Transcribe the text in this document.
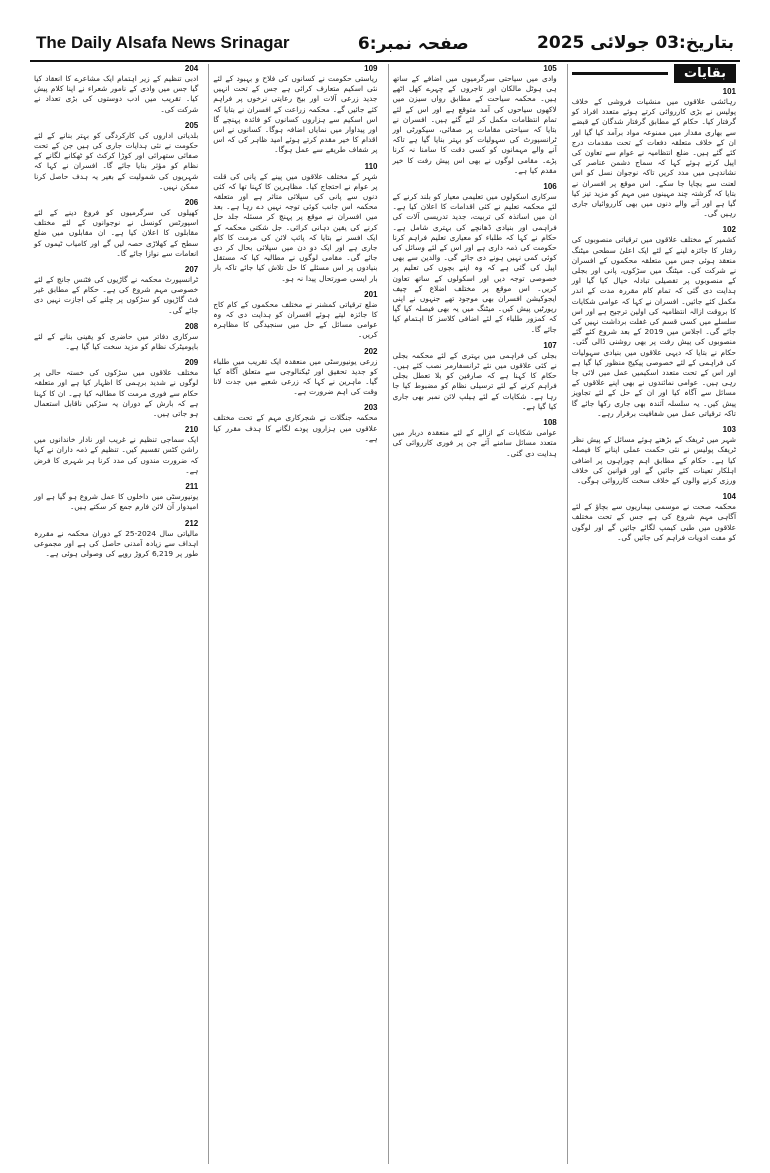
The Daily Alsafa News Srinagar	صفحہ نمبر:6	بتاریخ:03 جولائی 2025
بقایات
101
رہائشی علاقوں میں منشیات فروشی کے خلاف پولیس نے بڑی کارروائی کرتے ہوئے متعدد افراد کو گرفتار کیا۔ حکام کے مطابق گرفتار شدگان کے قبضے سے بھاری مقدار میں ممنوعہ مواد برآمد کیا گیا اور ان کے خلاف متعلقہ دفعات کے تحت مقدمات درج کئے گئے ہیں۔ ضلع انتظامیہ نے عوام سے تعاون کی اپیل کرتے ہوئے کہا کہ سماج دشمن عناصر کی نشاندہی میں مدد کریں تاکہ نوجوان نسل کو اس لعنت سے بچایا جا سکے۔ اس موقع پر افسران نے بتایا کہ گزشتہ چند مہینوں میں مہم کو مزید تیز کیا گیا ہے اور آنے والے دنوں میں بھی کارروائیاں جاری رہیں گی۔
102
کشمیر کے مختلف علاقوں میں ترقیاتی منصوبوں کی رفتار کا جائزہ لینے کے لئے ایک اعلیٰ سطحی میٹنگ منعقد ہوئی جس میں متعلقہ محکموں کے افسران نے شرکت کی۔ میٹنگ میں سڑکوں، پانی اور بجلی کے منصوبوں پر تفصیلی تبادلہ خیال کیا گیا اور ہدایت دی گئی کہ تمام کام مقررہ مدت کے اندر مکمل کئے جائیں۔ افسران نے کہا کہ عوامی شکایات کا بروقت ازالہ انتظامیہ کی اولین ترجیح ہے اور اس سلسلے میں کسی قسم کی غفلت برداشت نہیں کی جائے گی۔ اجلاس میں 2019 کے بعد شروع کئے گئے منصوبوں کی پیش رفت پر بھی روشنی ڈالی گئی۔ حکام نے بتایا کہ دیہی علاقوں میں بنیادی سہولیات کی فراہمی کے لئے خصوصی پیکیج منظور کیا گیا ہے اور اس کے تحت متعدد اسکیمیں عمل میں لائی جا رہی ہیں۔ عوامی نمائندوں نے بھی اپنے علاقوں کے مسائل سے آگاہ کیا اور ان کے حل کے لئے تجاویز پیش کیں۔ یہ سلسلہ آئندہ بھی جاری رکھا جائے گا تاکہ ترقیاتی عمل میں شفافیت برقرار رہے۔
103
شہر میں ٹریفک کے بڑھتے ہوئے مسائل کے پیش نظر ٹریفک پولیس نے نئی حکمت عملی اپنانے کا فیصلہ کیا ہے۔ حکام کے مطابق اہم چوراہوں پر اضافی اہلکار تعینات کئے جائیں گے اور قوانین کی خلاف ورزی کرنے والوں کے خلاف سخت کارروائی ہوگی۔
104
محکمہ صحت نے موسمی بیماریوں سے بچاؤ کے لئے آگاہی مہم شروع کی ہے جس کے تحت مختلف علاقوں میں طبی کیمپ لگائے جائیں گے اور لوگوں کو مفت ادویات فراہم کی جائیں گی۔
105
وادی میں سیاحتی سرگرمیوں میں اضافے کے ساتھ ہی ہوٹل مالکان اور تاجروں کے چہرے کھل اٹھے ہیں۔ محکمہ سیاحت کے مطابق رواں سیزن میں لاکھوں سیاحوں کی آمد متوقع ہے اور اس کے لئے تمام انتظامات مکمل کر لئے گئے ہیں۔ افسران نے بتایا کہ سیاحتی مقامات پر صفائی، سیکورٹی اور ٹرانسپورٹ کی سہولیات کو بہتر بنایا گیا ہے تاکہ آنے والے مہمانوں کو کسی دقت کا سامنا نہ کرنا پڑے۔ مقامی لوگوں نے بھی اس پیش رفت کا خیر مقدم کیا ہے۔
106
سرکاری اسکولوں میں تعلیمی معیار کو بلند کرنے کے لئے محکمہ تعلیم نے کئی اقدامات کا اعلان کیا ہے۔ ان میں اساتذہ کی تربیت، جدید تدریسی آلات کی فراہمی اور بنیادی ڈھانچے کی بہتری شامل ہے۔ حکام نے کہا کہ طلباء کو معیاری تعلیم فراہم کرنا حکومت کی ذمہ داری ہے اور اس کے لئے وسائل کی کوئی کمی نہیں ہونے دی جائے گی۔ والدین سے بھی اپیل کی گئی ہے کہ وہ اپنے بچوں کی تعلیم پر خصوصی توجہ دیں اور اسکولوں کے ساتھ تعاون کریں۔ اس موقع پر مختلف اضلاع کے چیف ایجوکیشن افسران بھی موجود تھے جنہوں نے اپنی رپورٹیں پیش کیں۔ میٹنگ میں یہ بھی فیصلہ کیا گیا کہ کمزور طلباء کے لئے اضافی کلاسز کا اہتمام کیا جائے گا۔
107
بجلی کی فراہمی میں بہتری کے لئے محکمہ بجلی نے کئی علاقوں میں نئے ٹرانسفارمر نصب کئے ہیں۔ حکام کا کہنا ہے کہ صارفین کو بلا تعطل بجلی فراہم کرنے کے لئے ترسیلی نظام کو مضبوط کیا جا رہا ہے۔ شکایات کے لئے ہیلپ لائن نمبر بھی جاری کیا گیا ہے۔
108
عوامی شکایات کے ازالے کے لئے منعقدہ دربار میں متعدد مسائل سامنے آئے جن پر فوری کارروائی کی ہدایت دی گئی۔
109
ریاستی حکومت نے کسانوں کی فلاح و بہبود کے لئے نئی اسکیم متعارف کرائی ہے جس کے تحت انہیں جدید زرعی آلات اور بیج رعایتی نرخوں پر فراہم کئے جائیں گے۔ محکمہ زراعت کے افسران نے بتایا کہ اس اسکیم سے ہزاروں کسانوں کو فائدہ پہنچے گا اور پیداوار میں نمایاں اضافہ ہوگا۔ کسانوں نے اس اقدام کا خیر مقدم کرتے ہوئے امید ظاہر کی کہ اس پر شفاف طریقے سے عمل ہوگا۔
110
شہر کے مختلف علاقوں میں پینے کے پانی کی قلت پر عوام نے احتجاج کیا۔ مظاہرین کا کہنا تھا کہ کئی دنوں سے پانی کی سپلائی متاثر ہے اور متعلقہ محکمہ اس جانب کوئی توجہ نہیں دے رہا ہے۔ بعد میں افسران نے موقع پر پہنچ کر مسئلہ جلد حل کرنے کی یقین دہانی کرائی۔ جل شکتی محکمہ کے ایک افسر نے بتایا کہ پائپ لائن کی مرمت کا کام جاری ہے اور ایک دو دن میں سپلائی بحال کر دی جائے گی۔ مقامی لوگوں نے مطالبہ کیا کہ مستقل بنیادوں پر اس مسئلے کا حل تلاش کیا جائے تاکہ بار بار ایسی صورتحال پیدا نہ ہو۔
201
ضلع ترقیاتی کمشنر نے مختلف محکموں کے کام کاج کا جائزہ لیتے ہوئے افسران کو ہدایت دی کہ وہ عوامی مسائل کے حل میں سنجیدگی کا مظاہرہ کریں۔
202
زرعی یونیورسٹی میں منعقدہ ایک تقریب میں طلباء کو جدید تحقیق اور ٹیکنالوجی سے متعلق آگاہ کیا گیا۔ ماہرین نے کہا کہ زرعی شعبے میں جدت لانا وقت کی اہم ضرورت ہے۔
203
محکمہ جنگلات نے شجرکاری مہم کے تحت مختلف علاقوں میں ہزاروں پودے لگانے کا ہدف مقرر کیا ہے۔
204
ادبی تنظیم کے زیر اہتمام ایک مشاعرے کا انعقاد کیا گیا جس میں وادی کے نامور شعراء نے اپنا کلام پیش کیا۔ تقریب میں ادب دوستوں کی بڑی تعداد نے شرکت کی۔
205
بلدیاتی اداروں کی کارکردگی کو بہتر بنانے کے لئے حکومت نے نئی ہدایات جاری کی ہیں جن کے تحت صفائی ستھرائی اور کوڑا کرکٹ کو ٹھکانے لگانے کے نظام کو مؤثر بنایا جائے گا۔ افسران نے کہا کہ شہریوں کی شمولیت کے بغیر یہ ہدف حاصل کرنا ممکن نہیں۔
206
کھیلوں کی سرگرمیوں کو فروغ دینے کے لئے اسپورٹس کونسل نے نوجوانوں کے لئے مختلف مقابلوں کا اعلان کیا ہے۔ ان مقابلوں میں ضلع سطح کے کھلاڑی حصہ لیں گے اور کامیاب ٹیموں کو انعامات سے نوازا جائے گا۔
207
ٹرانسپورٹ محکمہ نے گاڑیوں کی فٹنس جانچ کے لئے خصوصی مہم شروع کی ہے۔ حکام کے مطابق غیر فٹ گاڑیوں کو سڑکوں پر چلنے کی اجازت نہیں دی جائے گی۔
208
سرکاری دفاتر میں حاضری کو یقینی بنانے کے لئے بایومیٹرک نظام کو مزید سخت کیا گیا ہے۔
209
مختلف علاقوں میں سڑکوں کی خستہ حالی پر لوگوں نے شدید برہمی کا اظہار کیا ہے اور متعلقہ حکام سے فوری مرمت کا مطالبہ کیا ہے۔ ان کا کہنا ہے کہ بارش کے دوران یہ سڑکیں ناقابل استعمال ہو جاتی ہیں۔
210
ایک سماجی تنظیم نے غریب اور نادار خاندانوں میں راشن کٹس تقسیم کیں۔ تنظیم کے ذمہ داران نے کہا کہ ضرورت مندوں کی مدد کرنا ہر شہری کا فرض ہے۔
211
یونیورسٹی میں داخلوں کا عمل شروع ہو گیا ہے اور امیدوار آن لائن فارم جمع کر سکتے ہیں۔
212
مالیاتی سال 2024-25 کے دوران محکمہ نے مقررہ اہداف سے زیادہ آمدنی حاصل کی ہے اور مجموعی طور پر 6,219 کروڑ روپے کی وصولی ہوئی ہے۔
